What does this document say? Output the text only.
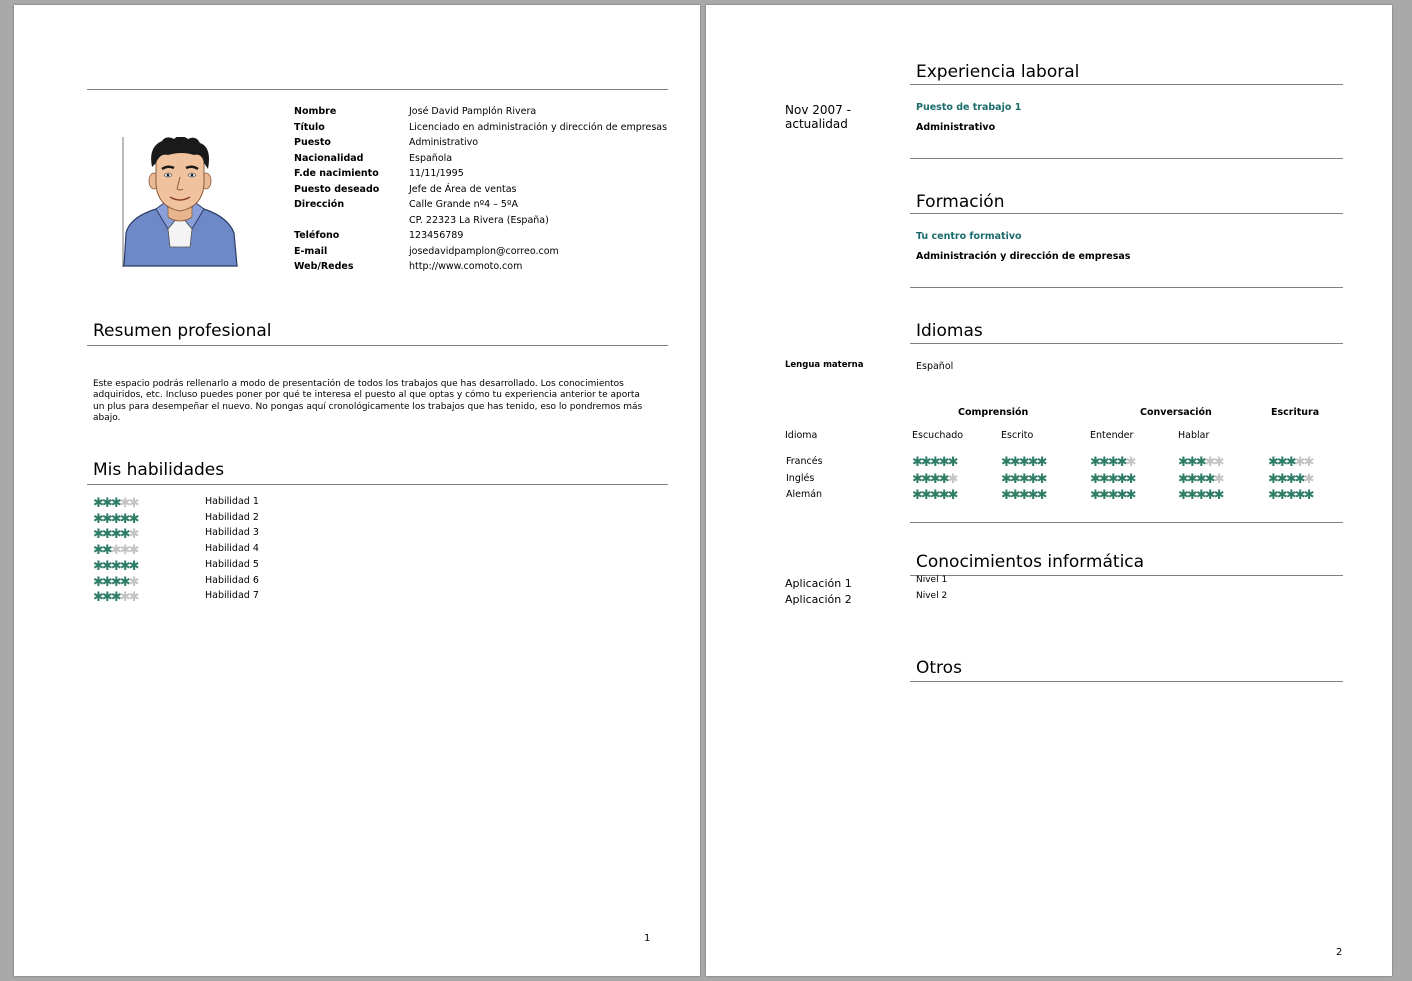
Nombre	José David Pamplón Rivera
Título	Licenciado en administración y dirección de empresas
Puesto	Administrativo
Nacionalidad	Española
F.de nacimiento	11/11/1995
Puesto deseado	Jefe de Área de ventas
Dirección	Calle Grande nº4 – 5ºA
CP. 22323 La Rivera (España)
Teléfono	123456789
E-mail	josedavidpamplon@correo.com
Web/Redes	http://www.comoto.com
Resumen profesional
Este espacio podrás rellenarlo a modo de presentación de todos los trabajos que has desarrollado. Los conocimientos
adquiridos, etc. Incluso puedes poner por qué te interesa el puesto al que optas y cómo tu experiencia anterior te aporta
un plus para desempeñar el nuevo. No pongas aquí cronológicamente los trabajos que has tenido, eso lo pondremos más
abajo.
Mis habilidades
✱✱✱✱✱	Habilidad 1
✱✱✱✱✱	Habilidad 2
✱✱✱✱✱	Habilidad 3
✱✱✱✱✱	Habilidad 4
✱✱✱✱✱	Habilidad 5
✱✱✱✱✱	Habilidad 6
✱✱✱✱✱	Habilidad 7
1
Experiencia laboral
Nov 2007 -
actualidad
Puesto de trabajo 1
Administrativo
Formación
Tu centro formativo
Administración y dirección de empresas
Idiomas
Lengua materna	Español
Comprensión	Conversación	Escritura
Idioma	Escuchado	Escrito	Entender	Hablar
Francés	✱✱✱✱✱	✱✱✱✱✱	✱✱✱✱✱	✱✱✱✱✱	✱✱✱✱✱
Inglés	✱✱✱✱✱	✱✱✱✱✱	✱✱✱✱✱	✱✱✱✱✱	✱✱✱✱✱
Alemán	✱✱✱✱✱	✱✱✱✱✱	✱✱✱✱✱	✱✱✱✱✱	✱✱✱✱✱
Conocimientos informática
Aplicación 1	Nivel 1
Aplicación 2	Nivel 2
Otros
2
